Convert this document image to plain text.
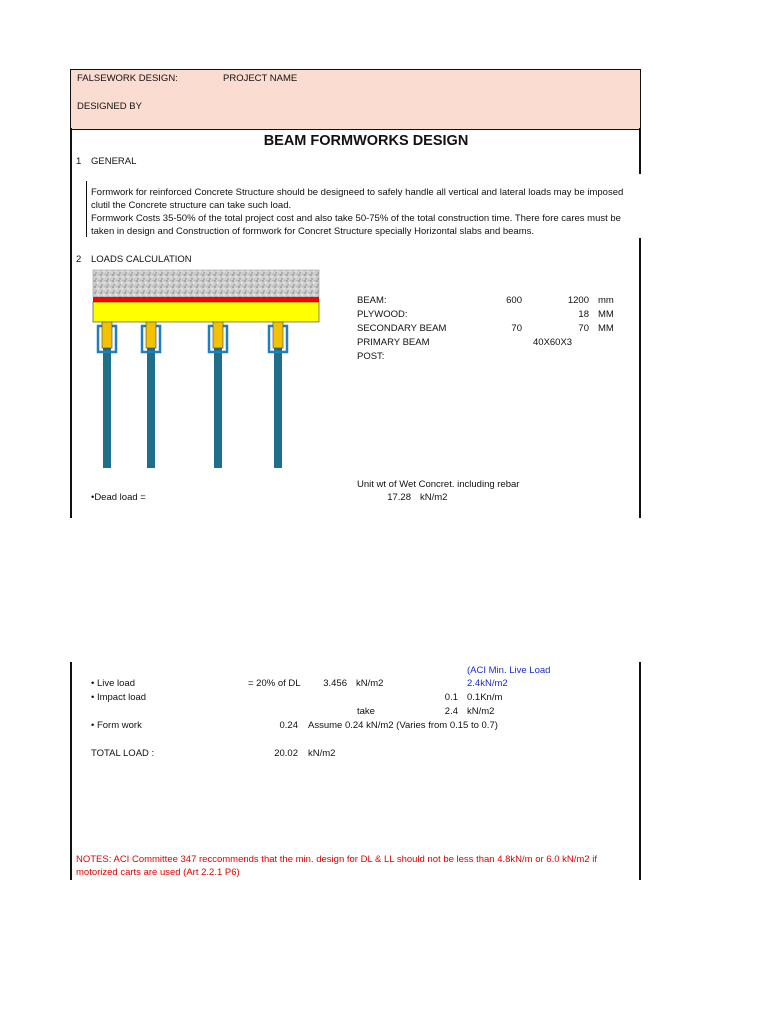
FALSEWORK DESIGN:	PROJECT NAME
DESIGNED BY
BEAM FORMWORKS DESIGN
1 GENERAL
Formwork for reinforced Concrete Structure should be designeed to safely handle all vertical and lateral loads may be imposed clutil the Concrete structure can take such load.
Formwork Costs 35-50% of the total project cost and also take 50-75% of the total construction time. There fore cares must be taken in design and Construction of formwork for Concret Structure specially Horizontal slabs and beams.
2 LOADS CALCULATION
BEAM:	600	1200 mm
PLYWOOD:	18 MM
SECONDARY BEAM	70	70 MM
PRIMARY BEAM	40X60X3
POST:
Unit wt of Wet Concret. including rebar
•Dead load =	17.28 kN/m2
(ACI Min. Live Load
2.4kN/m2
• Live load	= 20% of DL	3.456 kN/m2
• Impact load	0.1 0.1Kn/m
take	2.4 kN/m2
• Form work	0.24 Assume 0.24 kN/m2 (Varies from 0.15 to 0.7)
TOTAL LOAD :	20.02 kN/m2
NOTES: ACI Committee 347 reccommends that the min. design for DL & LL should not be less than 4.8kN/m or 6.0 kN/m2 if
motorized carts are used (Art 2.2.1 P6)
